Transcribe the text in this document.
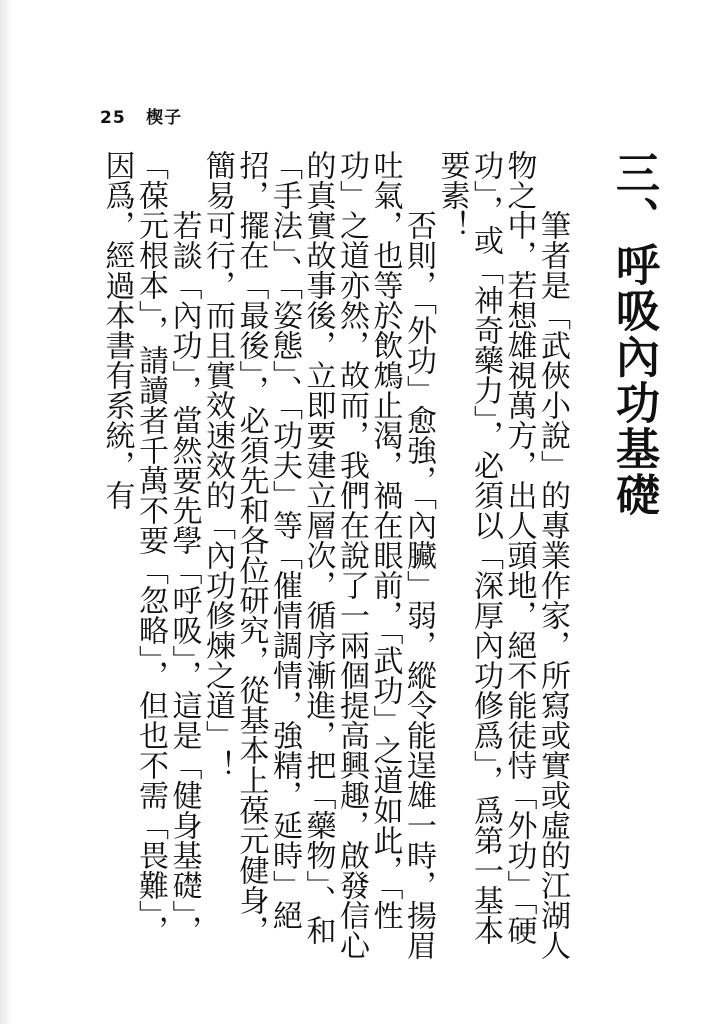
25 楔子
三、呼吸內功基礎

筆者是「武俠小說」的專業作家，所寫或實或虛的江湖人物之中，若想雄視萬方，出人頭地，絕不能徒恃「外功」「硬功」，或「神奇藥力」，必須以「深厚內功修爲」，爲第一基本要素！

否則，「外功」愈強，「內臟」弱，縱令能逞雄一時，揚眉吐氣，也等於飲鴆止渴，禍在眼前，「武功」之道如此，「性功」之道亦然，故而，我們在說了一兩個提高興趣，啟發信心的真實故事後，立即要建立層次，循序漸進，把「藥物」、和「手法」、「姿態」、「功夫」等「催情調情，強精，延時」絕招，擺在「最後」，必須先和各位研究，從基本上葆元健身，簡易可行，而且實效速效的「內功修煉之道」！

若談「內功」，當然要先學「呼吸」，這是「健身基礎」，「葆元根本」，請讀者千萬不要「忽略」，但也不需「畏難」，因爲，經過本書有系統，有
